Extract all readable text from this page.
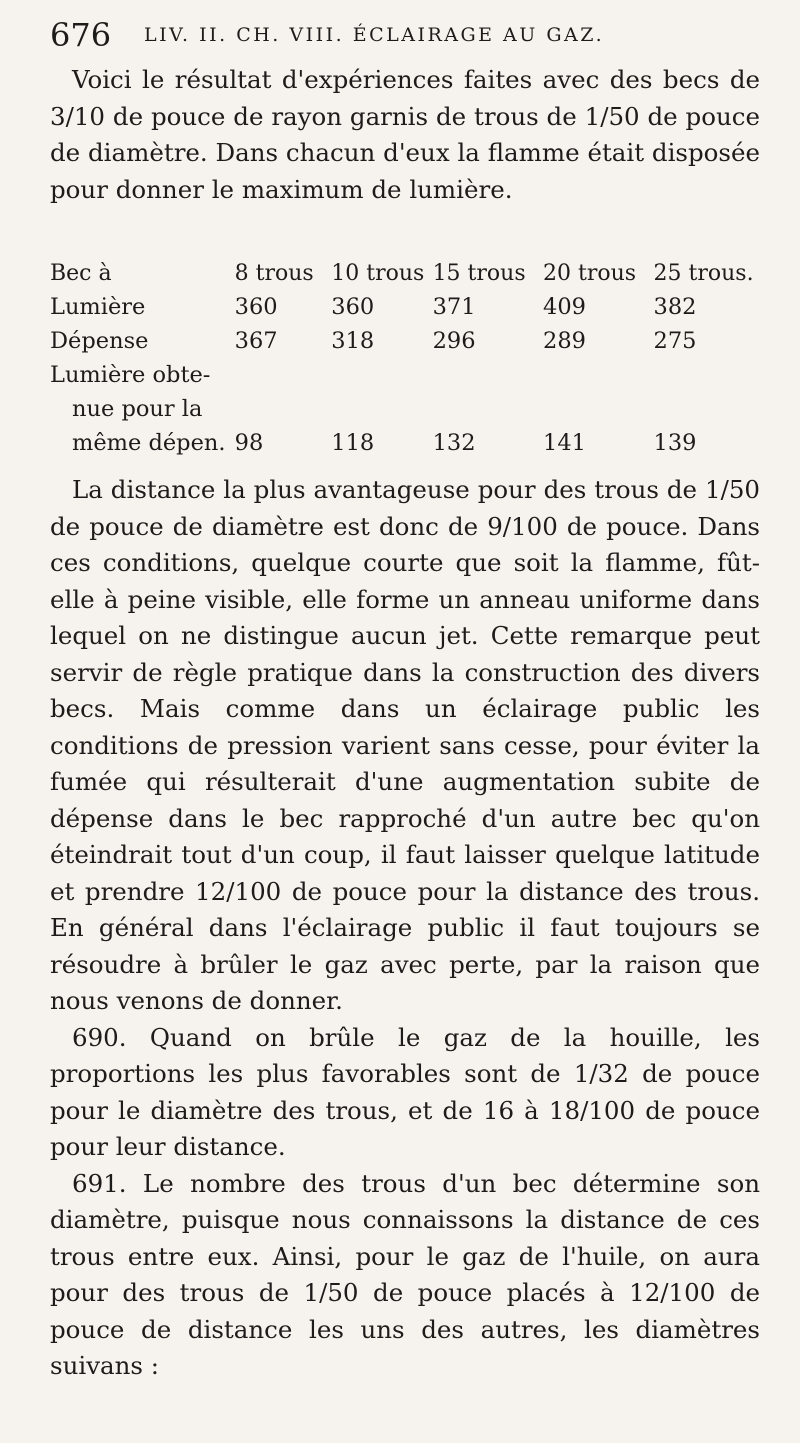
676 LIV. II. CH. VIII. ÉCLAIRAGE AU GAZ.

Voici le résultat d'expériences faites avec des becs de 3/10 de pouce de rayon garnis de trous de 1/50 de pouce de diamètre. Dans chacun d'eux la flamme était disposée pour donner le maximum de lumière.

Bec à	8 trous	10 trous	15 trous	20 trous	25 trous.
Lumière	360	360	371	409	382
Dépense	367	318	296	289	275
Lumière obte-					
nue pour la					
même dépen.	98	118	132	141	139

La distance la plus avantageuse pour des trous de 1/50 de pouce de diamètre est donc de 9/100 de pouce. Dans ces conditions, quelque courte que soit la flamme, fût-elle à peine visible, elle forme un anneau uniforme dans lequel on ne distingue aucun jet. Cette remarque peut servir de règle pratique dans la construction des divers becs. Mais comme dans un éclairage public les conditions de pression varient sans cesse, pour éviter la fumée qui résulterait d'une augmentation subite de dépense dans le bec rapproché d'un autre bec qu'on éteindrait tout d'un coup, il faut laisser quelque latitude et prendre 12/100 de pouce pour la distance des trous. En général dans l'éclairage public il faut toujours se résoudre à brûler le gaz avec perte, par la raison que nous venons de donner.

690. Quand on brûle le gaz de la houille, les proportions les plus favorables sont de 1/32 de pouce pour le diamètre des trous, et de 16 à 18/100 de pouce pour leur distance.

691. Le nombre des trous d'un bec détermine son diamètre, puisque nous connaissons la distance de ces trous entre eux. Ainsi, pour le gaz de l'huile, on aura pour des trous de 1/50 de pouce placés à 12/100 de pouce de distance les uns des autres, les diamètres suivans :
